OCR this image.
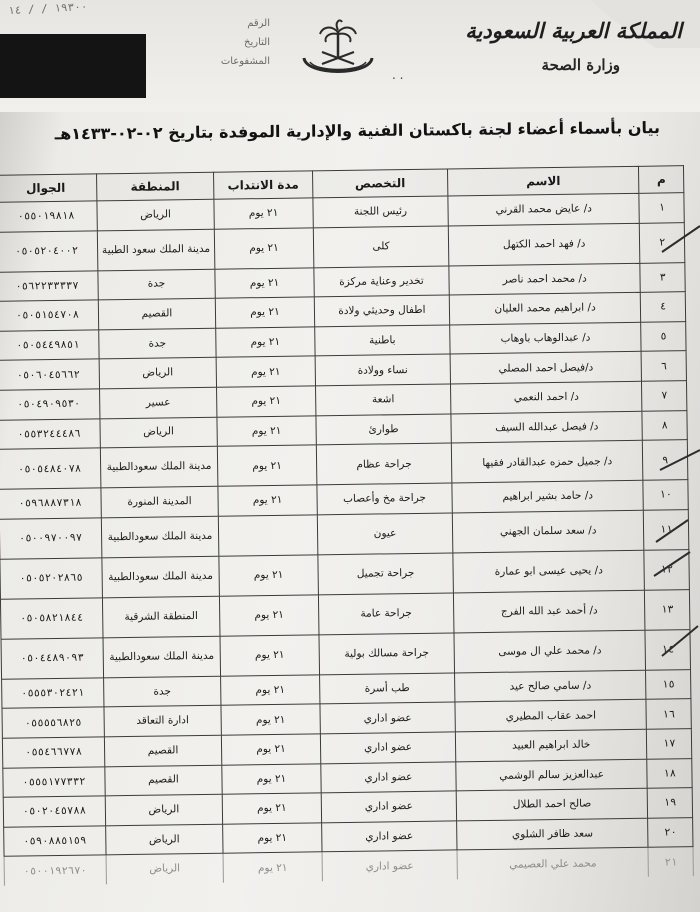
١٩٣٠٠ / / ١٤
الرقم
التاريخ
المشفوعات
. .
المملكة العربية السعودية
وزارة الصحة
بيان بأسماء أعضاء لجنة باكستان الفنية والإدارية الموفدة بتاريخ ٠٢-٠٢-١٤٣٣هـ
م	الاسم	التخصص	مدة الانتداب	المنطقة	الجوال
١	د/ عايض محمد القرني	رئيس اللجنة	٢١ يوم	الرياض	٠٥٥٠١٩٨١٨
٢	د/ فهد احمد الكتهل	كلى	٢١ يوم	مدينة الملك سعود الطبية	٠٥٠٥٢٠٤٠٠٢
٣	د/ محمد احمد ناصر	تخدير وعناية مركزة	٢١ يوم	جدة	٠٥٦٢٢٣٣٣٣٧
٤	د/ ابراهيم محمد العليان	اطفال وحديثي ولادة	٢١ يوم	القصيم	٠٥٠٥١٥٤٧٠٨
٥	د/ عبدالوهاب باوهاب	باطنية	٢١ يوم	جدة	٠٥٠٥٤٤٩٨٥١
٦	د/فيصل احمد المصلي	نساء وولادة	٢١ يوم	الرياض	٠٥٠٦٠٤٥٦٦٢
٧	د/ احمد النعمي	اشعة	٢١ يوم	عسير	٠٥٠٤٩٠٩٥٣٠
٨	د/ فيصل عبدالله السيف	طوارئ	٢١ يوم	الرياض	٠٥٥٣٢٤٤٤٨٦
٩	د/ جميل حمزه عبدالقادر فقيها	جراحة عظام	٢١ يوم	مدينة الملك سعودالطبية	٠٥٠٥٤٨٤٠٧٨
١٠	د/ حامد بشير ابراهيم	جراحة مخ وأعصاب	٢١ يوم	المدينة المنورة	٠٥٩٦٨٨٧٣١٨
١١	د/ سعد سلمان الجهني	عيون		مدينة الملك سعودالطبية	٠٥٠٠٩٧٠٠٩٧
١٢	د/ يحيى عيسى ابو عمارة	جراحة تجميل	٢١ يوم	مدينة الملك سعودالطبية	٠٥٠٥٢٠٢٨٦٥
١٣	د/ أحمد عبد الله الفرج	جراحة عامة	٢١ يوم	المنطقة الشرقية	٠٥٠٥٨٢١٨٤٤
١٤	د/ محمد علي ال موسى	جراحة مسالك بولية	٢١ يوم	مدينة الملك سعودالطبية	٠٥٠٤٤٨٩٠٩٣
١٥	د/ سامي صالح عيد	طب أسرة	٢١ يوم	جدة	٠٥٥٥٣٠٢٤٢١
١٦	احمد عقاب المطيري	عضو اداري	٢١ يوم	ادارة التعاقد	٠٥٥٥٥٦٨٢٥
١٧	خالد ابراهيم العبيد	عضو اداري	٢١ يوم	القصيم	٠٥٥٤٦٦٧٧٨
١٨	عبدالعزيز سالم الوشمي	عضو اداري	٢١ يوم	القصيم	٠٥٥٥١٧٧٣٣٢
١٩	صالح احمد الطلال	عضو اداري	٢١ يوم	الرياض	٠٥٠٢٠٤٥٧٨٨
٢٠	سعد ظافر الشلوي	عضو اداري	٢١ يوم	الرياض	٠٥٩٠٨٨٥١٥٩
٢١	محمد علي العصيمي	عضو اداري	٢١ يوم	الرياض	٠٥٠٠١٩٢٦٧٠
